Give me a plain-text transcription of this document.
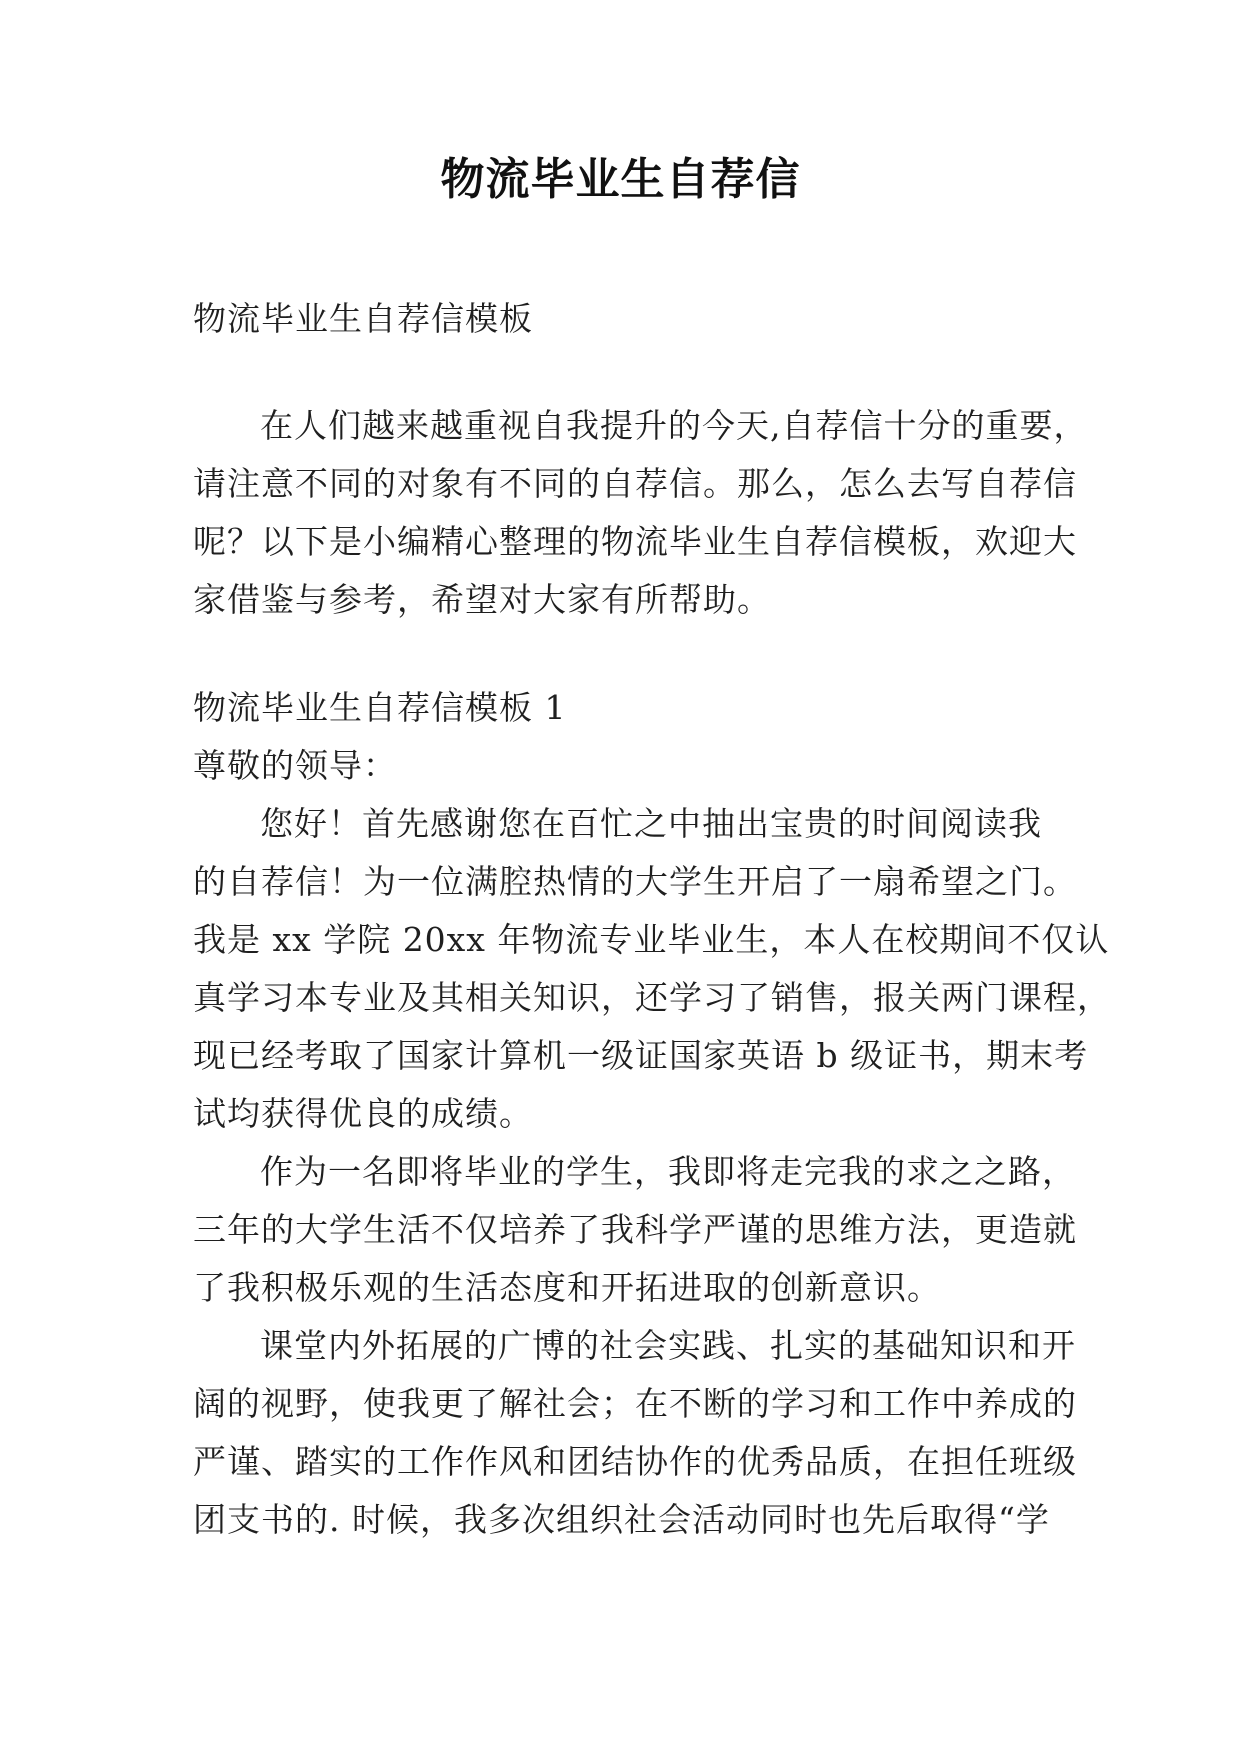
物流毕业生自荐信
物流毕业生自荐信模板
在人们越来越重视自我提升的今天,自荐信十分的重要，
请注意不同的对象有不同的自荐信。那么，怎么去写自荐信
呢？以下是小编精心整理的物流毕业生自荐信模板，欢迎大
家借鉴与参考，希望对大家有所帮助。
物流毕业生自荐信模板 1
尊敬的领导：
您好！首先感谢您在百忙之中抽出宝贵的时间阅读我
的自荐信！为一位满腔热情的大学生开启了一扇希望之门。
我是 xx 学院 20xx 年物流专业毕业生，本人在校期间不仅认
真学习本专业及其相关知识，还学习了销售，报关两门课程，
现已经考取了国家计算机一级证国家英语 b 级证书，期末考
试均获得优良的成绩。
作为一名即将毕业的学生，我即将走完我的求之之路，
三年的大学生活不仅培养了我科学严谨的思维方法，更造就
了我积极乐观的生活态度和开拓进取的创新意识。
课堂内外拓展的广博的社会实践、扎实的基础知识和开
阔的视野，使我更了解社会；在不断的学习和工作中养成的
严谨、踏实的工作作风和团结协作的优秀品质，在担任班级
团支书的. 时候，我多次组织社会活动同时也先后取得“学
